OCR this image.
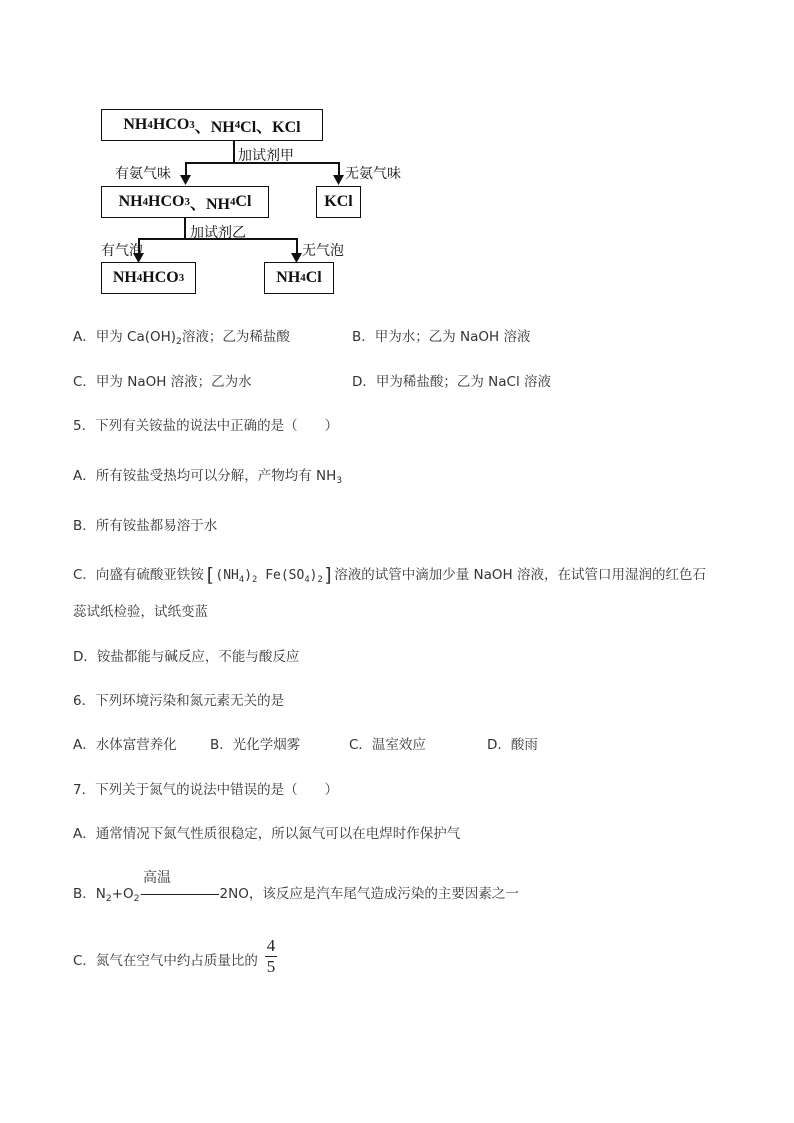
NH 4 HCO 3 、NH 4 Cl、KCl
加试剂甲
有氨气味	无氨气味
NH 4 HCO 3 、NH 4 Cl	KCl
加试剂乙
有气泡	无气泡
NH 4 HCO 3	NH 4 Cl
A．甲为 $Ca(OH)_2$溶液；乙为稀盐酸	B．甲为水；乙为 NaOH 溶液
C．甲为 NaOH 溶液；乙为水	D．甲为稀盐酸；乙为 NaCl 溶液
5．下列有关铵盐的说法中正确的是（　　）
A．所有铵盐受热均可以分解，产物均有 $NH_3$
B．所有铵盐都易溶于水
C．向盛有硫酸亚铁铵[$(NH_4)_2$ $Fe(SO_4)_2$]溶液的试管中滴加少量 NaOH 溶液，在试管口用湿润的红色石
蕊试纸检验，试纸变蓝
D．铵盐都能与碱反应，不能与酸反应
6．下列环境污染和氮元素无关的是
A．水体富营养化 B．光化学烟雾	C．温室效应	D．酸雨
7．下列关于氮气的说法中错误的是（　　）
A．通常情况下氮气性质很稳定，所以氮气可以在电焊时作保护气
B．$N_2+O_2$	2NO，该反应是汽车尾气造成污染的主要因素之一
高温
C．氮气在空气中约占质量比的
4
5
